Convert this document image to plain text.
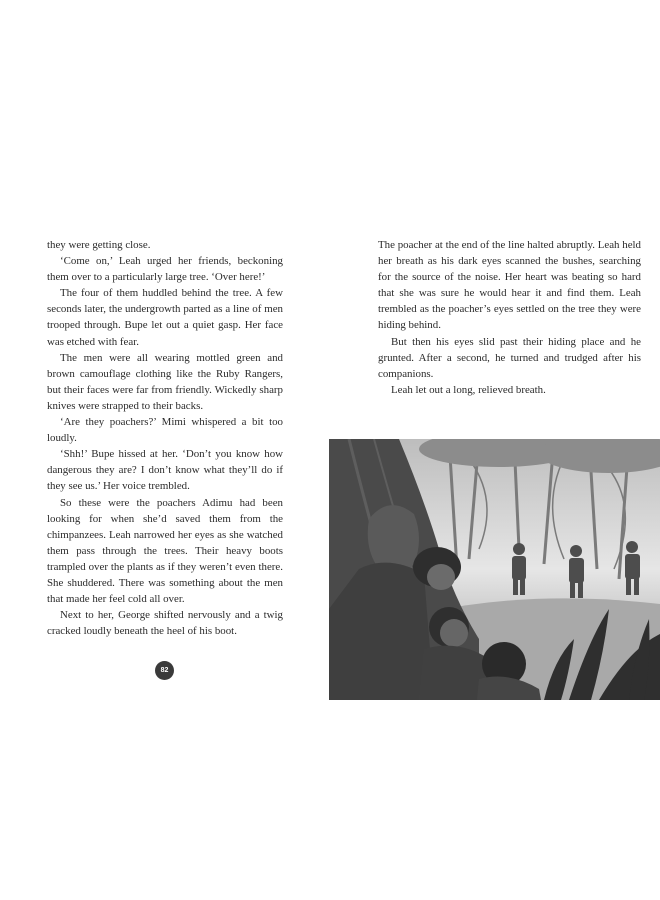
they were getting close.

‘Come on,’ Leah urged her friends, beckoning them over to a particularly large tree. ‘Over here!’

The four of them huddled behind the tree. A few seconds later, the undergrowth parted as a line of men trooped through. Bupe let out a quiet gasp. Her face was etched with fear.

The men were all wearing mottled green and brown camouflage clothing like the Ruby Rangers, but their faces were far from friendly. Wickedly sharp knives were strapped to their backs.

‘Are they poachers?’ Mimi whispered a bit too loudly.

‘Shh!’ Bupe hissed at her. ‘Don’t you know how dangerous they are? I don’t know what they’ll do if they see us.’ Her voice trembled.

So these were the poachers Adimu had been looking for when she’d saved them from the chimpanzees. Leah narrowed her eyes as she watched them pass through the trees. Their heavy boots trampled over the plants as if they weren’t even there. She shuddered. There was something about the men that made her feel cold all over.

Next to her, George shifted nervously and a twig cracked loudly beneath the heel of his boot.

The poacher at the end of the line halted abruptly. Leah held her breath as his dark eyes scanned the bushes, searching for the source of the noise. Her heart was beating so hard that she was sure he would hear it and find them. Leah trembled as the poacher’s eyes settled on the tree they were hiding behind.

But then his eyes slid past their hiding place and he grunted. After a second, he turned and trudged after his companions.

Leah let out a long, relieved breath.

82
